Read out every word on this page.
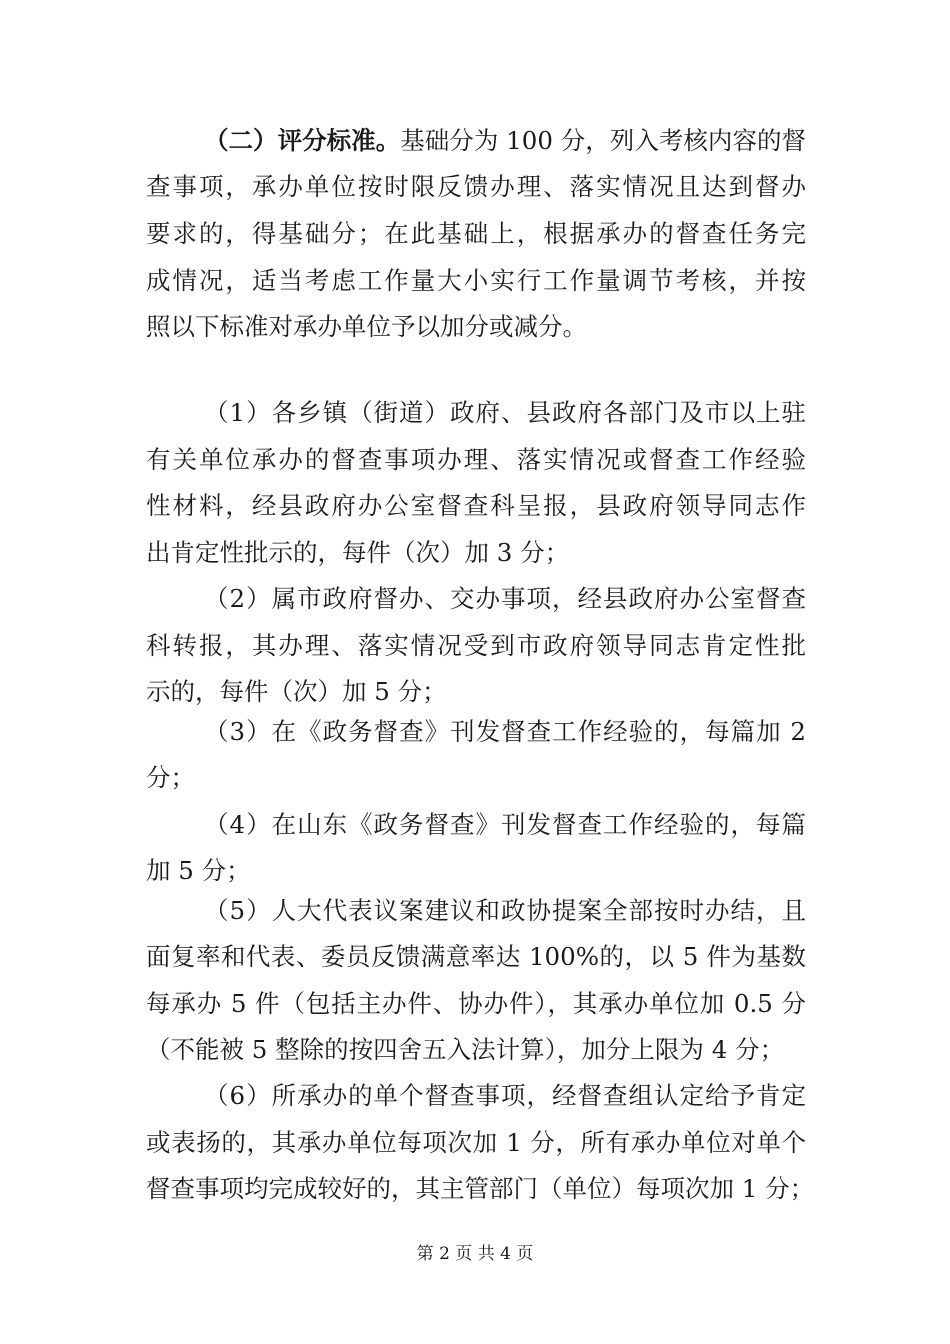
（二）评分标准。基础分为 100 分，列入考核内容的督
查事项，承办单位按时限反馈办理、落实情况且达到督办
要求的，得基础分；在此基础上，根据承办的督查任务完
成情况，适当考虑工作量大小实行工作量调节考核，并按
照以下标准对承办单位予以加分或减分。
（1）各乡镇（街道）政府、县政府各部门及市以上驻
有关单位承办的督查事项办理、落实情况或督查工作经验
性材料，经县政府办公室督查科呈报，县政府领导同志作
出肯定性批示的，每件（次）加 3 分；
（2）属市政府督办、交办事项，经县政府办公室督查
科转报，其办理、落实情况受到市政府领导同志肯定性批
示的，每件（次）加 5 分；
（3）在《政务督查》刊发督查工作经验的，每篇加 2
分；
（4）在山东《政务督查》刊发督查工作经验的，每篇
加 5 分；
（5）人大代表议案建议和政协提案全部按时办结，且
面复率和代表、委员反馈满意率达 100%的，以 5 件为基数
每承办 5 件（包括主办件、协办件），其承办单位加 0.5 分
（不能被 5 整除的按四舍五入法计算），加分上限为 4 分；
（6）所承办的单个督查事项，经督查组认定给予肯定
或表扬的，其承办单位每项次加 1 分，所有承办单位对单个
督查事项均完成较好的，其主管部门（单位）每项次加 1 分；
第 2 页 共 4 页
